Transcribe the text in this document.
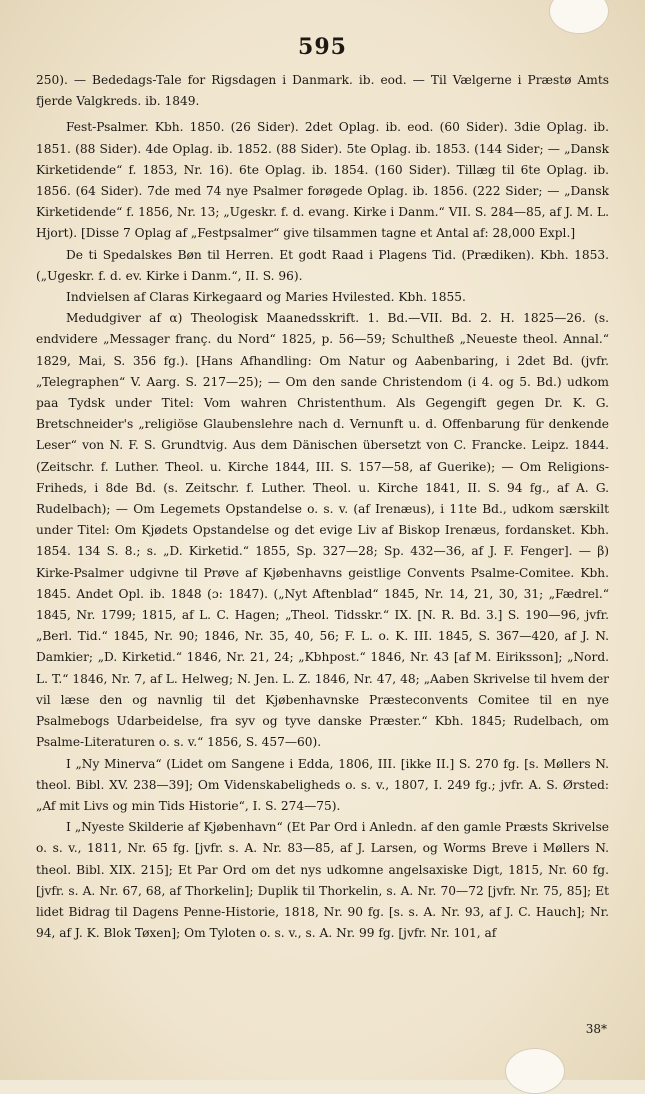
595

250). — Bededags-Tale for Rigsdagen i Danmark. ib. eod. — Til Vælgerne i Præstø Amts fjerde Valgkreds. ib. 1849.

Fest-Psalmer. Kbh. 1850. (26 Sider). 2det Oplag. ib. eod. (60 Sider). 3die Oplag. ib. 1851. (88 Sider). 4de Oplag. ib. 1852. (88 Sider). 5te Oplag. ib. 1853. (144 Sider; — „Dansk Kirketidende“ f. 1853, Nr. 16). 6te Oplag. ib. 1854. (160 Sider). Tillæg til 6te Oplag. ib. 1856. (64 Sider). 7de med 74 nye Psalmer forøgede Oplag. ib. 1856. (222 Sider; — „Dansk Kirketidende“ f. 1856, Nr. 13; „Ugeskr. f. d. evang. Kirke i Danm.“ VII. S. 284—85, af J. M. L. Hjort). [Disse 7 Oplag af „Festpsalmer“ give tilsammen tagne et Antal af: 28,000 Expl.]

De ti Spedalskes Bøn til Herren. Et godt Raad i Plagens Tid. (Prædiken). Kbh. 1853. („Ugeskr. f. d. ev. Kirke i Danm.“, II. S. 96).

Indvielsen af Claras Kirkegaard og Maries Hvilested. Kbh. 1855.

Medudgiver af α) Theologisk Maanedsskrift. 1. Bd.—VII. Bd. 2. H. 1825—26. (s. endvidere „Messager franç. du Nord“ 1825, p. 56—59; Schultheß „Neueste theol. Annal.“ 1829, Mai, S. 356 fg.). [Hans Afhandling: Om Natur og Aabenbaring, i 2det Bd. (jvfr. „Telegraphen“ V. Aarg. S. 217—25); — Om den sande Christendom (i 4. og 5. Bd.) udkom paa Tydsk under Titel: Vom wahren Christenthum. Als Gegengift gegen Dr. K. G. Bretschneider's „religiöse Glaubenslehre nach d. Vernunft u. d. Offenbarung für denkende Leser“ von N. F. S. Grundtvig. Aus dem Dänischen übersetzt von C. Francke. Leipz. 1844. (Zeitschr. f. Luther. Theol. u. Kirche 1844, III. S. 157—58, af Guerike); — Om Religions-Friheds, i 8de Bd. (s. Zeitschr. f. Luther. Theol. u. Kirche 1841, II. S. 94 fg., af A. G. Rudelbach); — Om Legemets Opstandelse o. s. v. (af Irenæus), i 11te Bd., udkom særskilt under Titel: Om Kjødets Opstandelse og det evige Liv af Biskop Irenæus, fordansket. Kbh. 1854. 134 S. 8.; s. „D. Kirketid.“ 1855, Sp. 327—28; Sp. 432—36, af J. F. Fenger]. — β) Kirke-Psalmer udgivne til Prøve af Kjøbenhavns geistlige Convents Psalme-Comitee. Kbh. 1845. Andet Opl. ib. 1848 (ɔ: 1847). („Nyt Aftenblad“ 1845, Nr. 14, 21, 30, 31; „Fædrel.“ 1845, Nr. 1799; 1815, af L. C. Hagen; „Theol. Tidsskr.“ IX. [N. R. Bd. 3.] S. 190—96, jvfr. „Berl. Tid.“ 1845, Nr. 90; 1846, Nr. 35, 40, 56; F. L. o. K. III. 1845, S. 367—420, af J. N. Damkier; „D. Kirketid.“ 1846, Nr. 21, 24; „Kbhpost.“ 1846, Nr. 43 [af M. Eiriksson]; „Nord. L. T.“ 1846, Nr. 7, af L. Helweg; N. Jen. L. Z. 1846, Nr. 47, 48; „Aaben Skrivelse til hvem der vil læse den og navnlig til det Kjøbenhavnske Præsteconvents Comitee til en nye Psalmebogs Udarbeidelse, fra syv og tyve danske Præster.“ Kbh. 1845; Rudelbach, om Psalme-Literaturen o. s. v.“ 1856, S. 457—60).

I „Ny Minerva“ (Lidet om Sangene i Edda, 1806, III. [ikke II.] S. 270 fg. [s. Møllers N. theol. Bibl. XV. 238—39]; Om Videnskabeligheds o. s. v., 1807, I. 249 fg.; jvfr. A. S. Ørsted: „Af mit Livs og min Tids Historie“, I. S. 274—75).

I „Nyeste Skilderie af Kjøbenhavn“ (Et Par Ord i Anledn. af den gamle Præsts Skrivelse o. s. v., 1811, Nr. 65 fg. [jvfr. s. A. Nr. 83—85, af J. Larsen, og Worms Breve i Møllers N. theol. Bibl. XIX. 215]; Et Par Ord om det nys udkomne angelsaxiske Digt, 1815, Nr. 60 fg. [jvfr. s. A. Nr. 67, 68, af Thorkelin]; Duplik til Thorkelin, s. A. Nr. 70—72 [jvfr. Nr. 75, 85]; Et lidet Bidrag til Dagens Penne-Historie, 1818, Nr. 90 fg. [s. s. A. Nr. 93, af J. C. Hauch]; Nr. 94, af J. K. Blok Tøxen]; Om Tyloten o. s. v., s. A. Nr. 99 fg. [jvfr. Nr. 101, af

38*
